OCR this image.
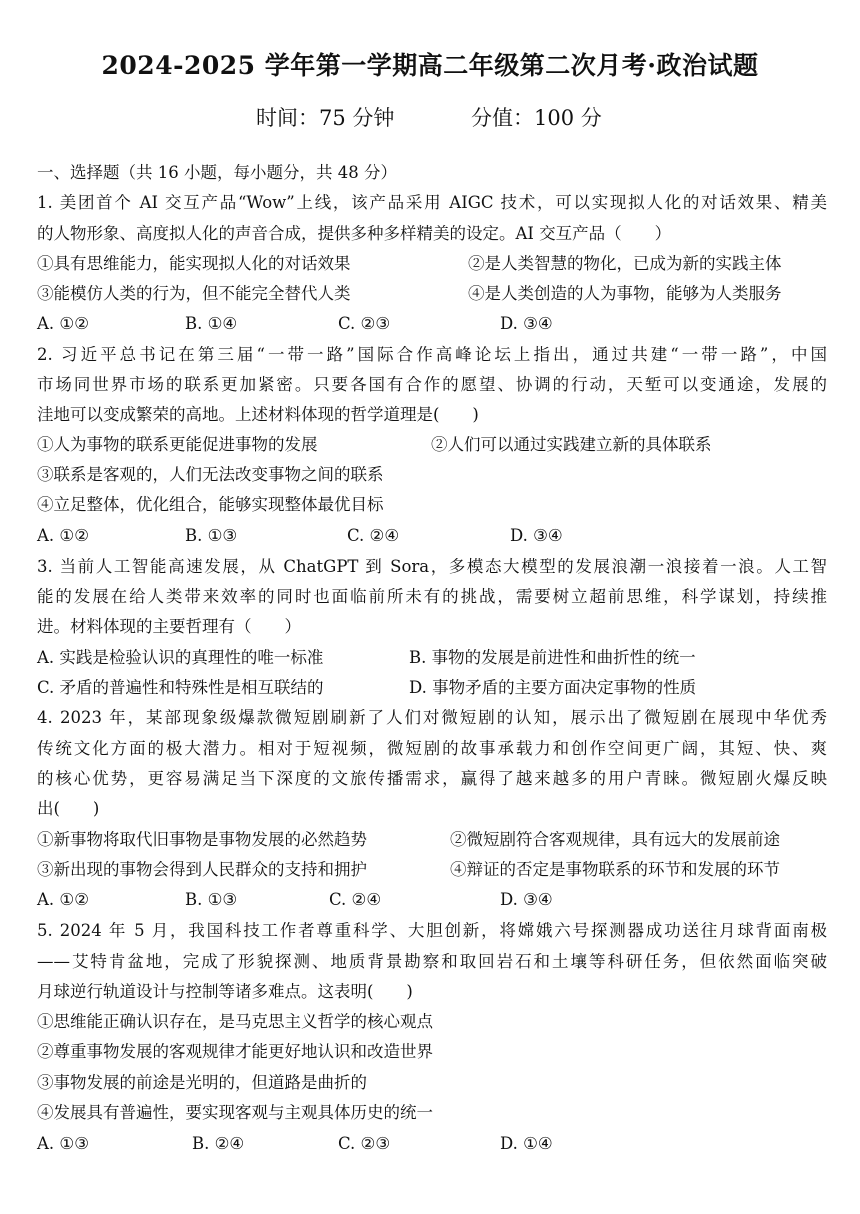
2024-2025 学年第一学期高二年级第二次月考·政治试题
时间：75 分钟	分值：100 分
一、选择题（共 16 小题，每小题分，共 48 分）
1. 美团首个 AI 交互产品“Wow”上线，该产品采用 AIGC 技术，可以实现拟人化的对话效果、精美
的人物形象、高度拟人化的声音合成，提供多种多样精美的设定。AI 交互产品（　　）
①具有思维能力，能实现拟人化的对话效果	②是人类智慧的物化，已成为新的实践主体
③能模仿人类的行为，但不能完全替代人类	④是人类创造的人为事物，能够为人类服务
A. ①②	B. ①④	C. ②③	D. ③④
2. 习近平总书记在第三届“一带一路”国际合作高峰论坛上指出，通过共建“一带一路”，中国
市场同世界市场的联系更加紧密。只要各国有合作的愿望、协调的行动，天堑可以变通途，发展的
洼地可以变成繁荣的高地。上述材料体现的哲学道理是(　　)
①人为事物的联系更能促进事物的发展	②人们可以通过实践建立新的具体联系
③联系是客观的，人们无法改变事物之间的联系
④立足整体，优化组合，能够实现整体最优目标
A. ①②	B. ①③	C. ②④	D. ③④
3. 当前人工智能高速发展，从 ChatGPT 到 Sora，多模态大模型的发展浪潮一浪接着一浪。人工智
能的发展在给人类带来效率的同时也面临前所未有的挑战，需要树立超前思维，科学谋划，持续推
进。材料体现的主要哲理有（　　）
A. 实践是检验认识的真理性的唯一标准	B. 事物的发展是前进性和曲折性的统一
C. 矛盾的普遍性和特殊性是相互联结的	D. 事物矛盾的主要方面决定事物的性质
4. 2023 年，某部现象级爆款微短剧刷新了人们对微短剧的认知，展示出了微短剧在展现中华优秀
传统文化方面的极大潜力。相对于短视频，微短剧的故事承载力和创作空间更广阔，其短、快、爽
的核心优势，更容易满足当下深度的文旅传播需求，赢得了越来越多的用户青睐。微短剧火爆反映
出(　　)
①新事物将取代旧事物是事物发展的必然趋势	②微短剧符合客观规律，具有远大的发展前途
③新出现的事物会得到人民群众的支持和拥护	④辩证的否定是事物联系的环节和发展的环节
A. ①②	B. ①③	C. ②④	D. ③④
5. 2024 年 5 月，我国科技工作者尊重科学、大胆创新，将嫦娥六号探测器成功送往月球背面南极
——艾特肯盆地，完成了形貌探测、地质背景勘察和取回岩石和土壤等科研任务，但依然面临突破
月球逆行轨道设计与控制等诸多难点。这表明(　　)
①思维能正确认识存在，是马克思主义哲学的核心观点
②尊重事物发展的客观规律才能更好地认识和改造世界
③事物发展的前途是光明的，但道路是曲折的
④发展具有普遍性，要实现客观与主观具体历史的统一
A. ①③	B. ②④	C. ②③	D. ①④
